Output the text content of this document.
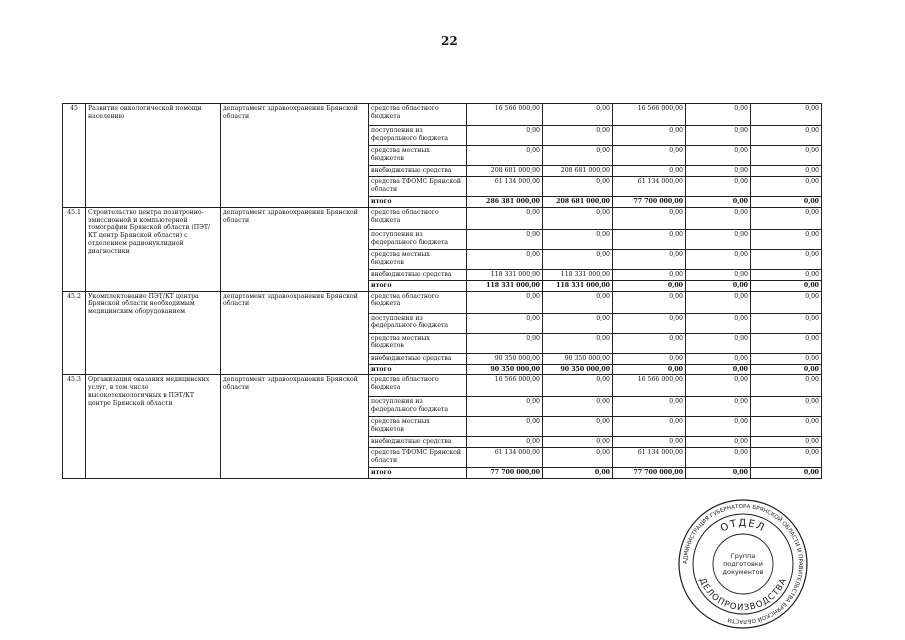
22
45	Развитие онкологической помощи населению	департамент здравоохранения Брянской области	средства областного бюджета	16 566 000,00	0,00	16 566 000,00	0,00	0,00
			поступления из федерального бюджета	0,00	0,00	0,00	0,00	0,00
			средства местных бюджетов	0,00	0,00	0,00	0,00	0,00
			внебюджетные средства	208 681 000,00	208 681 000,00	0,00	0,00	0,00
			средства ТФОМС Брянской области	61 134 000,00	0,00	61 134 000,00	0,00	0,00
			итого	286 381 000,00	208 681 000,00	77 700 000,00	0,00	0,00
45.1	Строительство центра позитронно-эмиссионной и компьютерной томографии Брянской области (ПЭТ/КТ центр Брянской области) с отделением радионуклидной диагностики	департамент здравоохранения Брянской области	средства областного бюджета	0,00	0,00	0,00	0,00	0,00
			поступления из федерального бюджета	0,00	0,00	0,00	0,00	0,00
			средства местных бюджетов	0,00	0,00	0,00	0,00	0,00
			внебюджетные средства	118 331 000,00	118 331 000,00	0,00	0,00	0,00
			итого	118 331 000,00	118 331 000,00	0,00	0,00	0,00
45.2	Укомплектование ПЭТ/КТ центра Брянской области необходимым медицинским оборудованием	департамент здравоохранения Брянской области	средства областного бюджета	0,00	0,00	0,00	0,00	0,00
			поступления из федерального бюджета	0,00	0,00	0,00	0,00	0,00
			средства местных бюджетов	0,00	0,00	0,00	0,00	0,00
			внебюджетные средства	90 350 000,00	90 350 000,00	0,00	0,00	0,00
			итого	90 350 000,00	90 350 000,00	0,00	0,00	0,00
45.3	Организация оказания медицинских услуг, в том числе высокотехнологичных в ПЭТ/КТ центре Брянской области	департамент здравоохранения Брянской области	средства областного бюджета	16 566 000,00	0,00	16 566 000,00	0,00	0,00
			поступления из федерального бюджета	0,00	0,00	0,00	0,00	0,00
			средства местных бюджетов	0,00	0,00	0,00	0,00	0,00
			внебюджетные средства	0,00	0,00	0,00	0,00	0,00
			средства ТФОМС Брянской области	61 134 000,00	0,00	61 134 000,00	0,00	0,00
			итого	77 700 000,00	0,00	77 700 000,00	0,00	0,00
АДМИНИСТРАЦИЯ ГУБЕРНАТОРА БРЯНСКОЙ ОБЛАСТИ И ПРАВИТЕЛЬСТВА БРЯНСКОЙ ОБЛАСТИ
ОТДЕЛ
ДЕЛОПРОИЗВОДСТВА
Группа
подготовки
документов
